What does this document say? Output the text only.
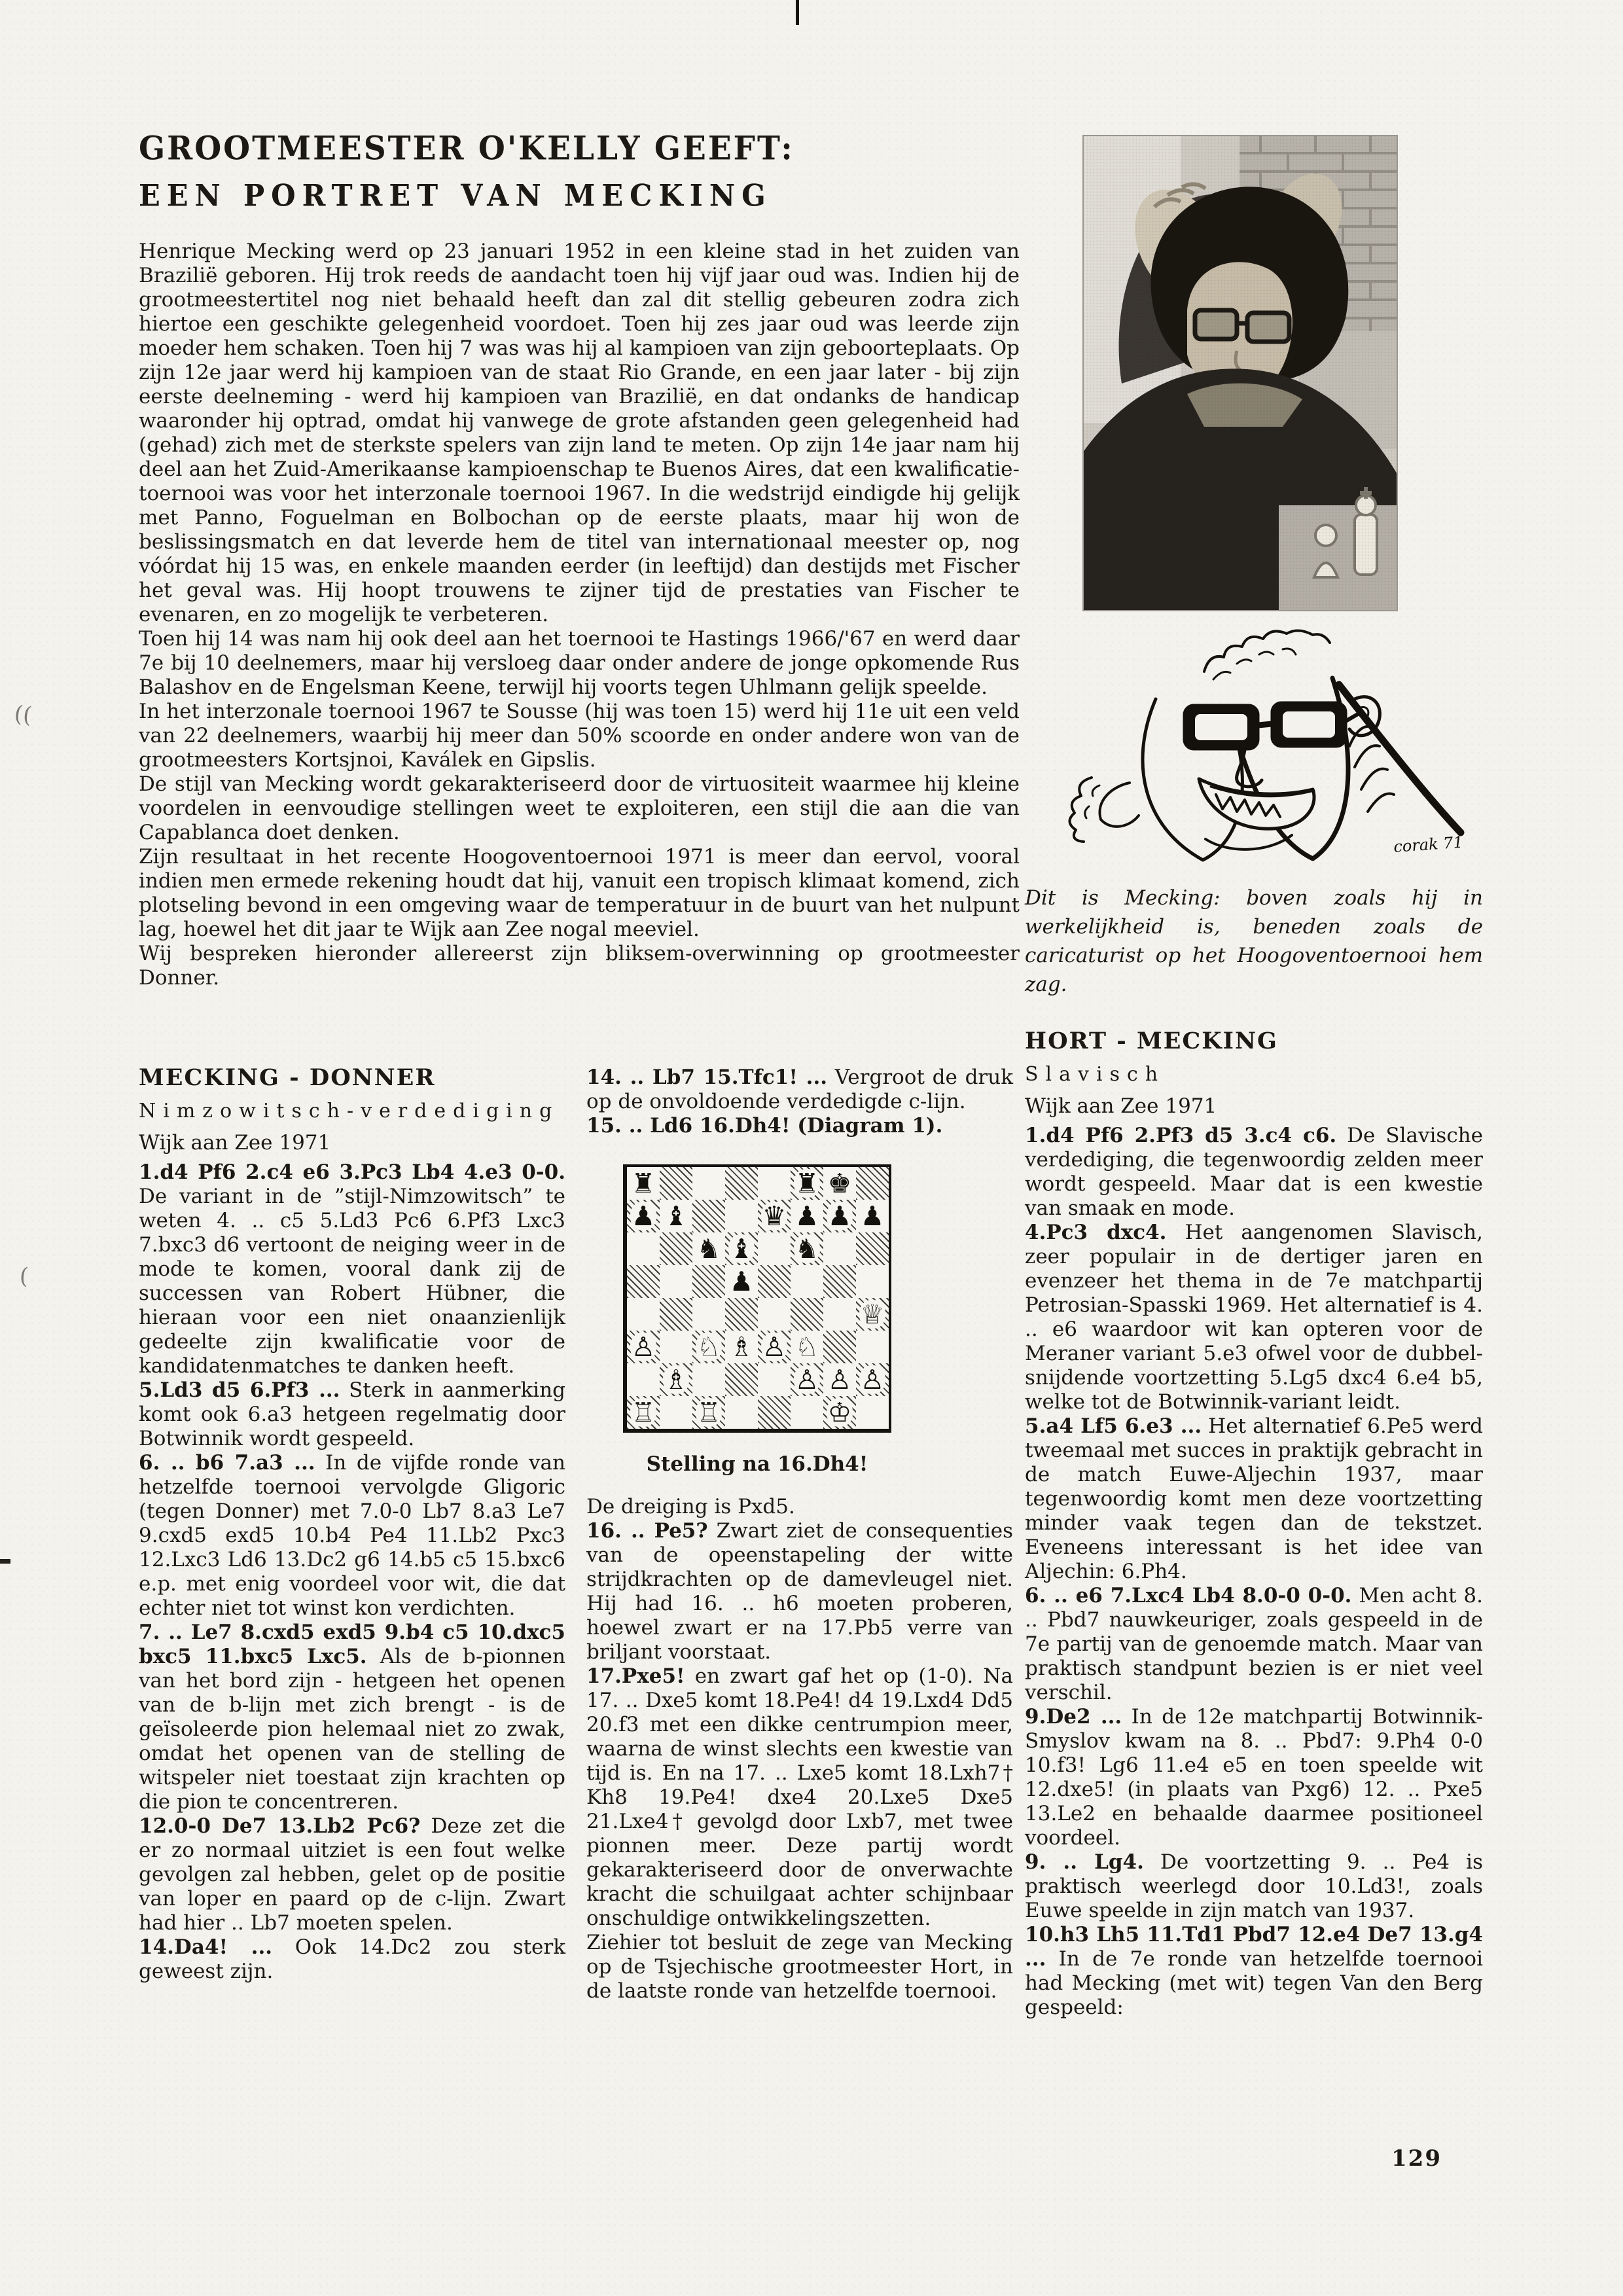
((
(
GROOTMEESTER O'KELLY GEEFT:
EEN PORTRET VAN MECKING

Henrique Mecking werd op 23 januari 1952 in een kleine stad in het zuiden van Brazilië geboren. Hij trok reeds de aandacht toen hij vijf jaar oud was. Indien hij de grootmeestertitel nog niet behaald heeft dan zal dit stellig gebeuren zodra zich hiertoe een geschikte gelegenheid voordoet. Toen hij zes jaar oud was leerde zijn moeder hem schaken. Toen hij 7 was was hij al kampioen van zijn geboorteplaats. Op zijn 12e jaar werd hij kampioen van de staat Rio Grande, en een jaar later - bij zijn eerste deelneming - werd hij kampioen van Brazilië, en dat ondanks de handicap waaronder hij optrad, omdat hij vanwege de grote afstanden geen gelegenheid had (gehad) zich met de sterkste spelers van zijn land te meten. Op zijn 14e jaar nam hij deel aan het Zuid-Amerikaanse kampioenschap te Buenos Aires, dat een kwalificatie-toernooi was voor het interzonale toernooi 1967. In die wedstrijd eindigde hij gelijk met Panno, Foguelman en Bolbochan op de eerste plaats, maar hij won de beslissingsmatch en dat leverde hem de titel van internationaal meester op, nog vóórdat hij 15 was, en enkele maanden eerder (in leeftijd) dan destijds met Fischer het geval was. Hij hoopt trouwens te zijner tijd de prestaties van Fischer te evenaren, en zo mogelijk te verbeteren.

Toen hij 14 was nam hij ook deel aan het toernooi te Hastings 1966/'67 en werd daar 7e bij 10 deelnemers, maar hij versloeg daar onder andere de jonge opkomende Rus Balashov en de Engelsman Keene, terwijl hij voorts tegen Uhlmann gelijk speelde.

In het interzonale toernooi 1967 te Sousse (hij was toen 15) werd hij 11e uit een veld van 22 deelnemers, waarbij hij meer dan 50% scoorde en onder andere won van de grootmeesters Kortsjnoi, Kaválek en Gipslis.

De stijl van Mecking wordt gekarakteriseerd door de virtuositeit waarmee hij kleine voordelen in eenvoudige stellingen weet te exploiteren, een stijl die aan die van Capablanca doet denken.

Zijn resultaat in het recente Hoogoventoernooi 1971 is meer dan eervol, vooral indien men ermede rekening houdt dat hij, vanuit een tropisch klimaat komend, zich plotseling bevond in een omgeving waar de temperatuur in de buurt van het nulpunt lag, hoewel het dit jaar te Wijk aan Zee nogal meeviel.

Wij bespreken hieronder allereerst zijn bliksem-overwinning op grootmeester Donner.

MECKING - DONNER
Nimzowitsch-verdediging
Wijk aan Zee 1971

1.d4 Pf6 2.c4 e6 3.Pc3 Lb4 4.e3 0-0. De variant in de ”stijl-Nimzowitsch” te weten 4. .. c5 5.Ld3 Pc6 6.Pf3 Lxc3 7.bxc3 d6 vertoont de neiging weer in de mode te komen, vooral dank zij de successen van Robert Hübner, die hieraan voor een niet onaanzienlijk gedeelte zijn kwalificatie voor de kandidatenmatches te danken heeft.

5.Ld3 d5 6.Pf3 ... Sterk in aanmerking komt ook 6.a3 hetgeen regelmatig door Botwinnik wordt gespeeld.

6. .. b6 7.a3 ... In de vijfde ronde van hetzelfde toernooi vervolgde Gligoric (tegen Donner) met 7.0-0 Lb7 8.a3 Le7 9.cxd5 exd5 10.b4 Pe4 11.Lb2 Pxc3 12.Lxc3 Ld6 13.Dc2 g6 14.b5 c5 15.bxc6 e.p. met enig voordeel voor wit, die dat echter niet tot winst kon verdichten.

7. .. Le7 8.cxd5 exd5 9.b4 c5 10.dxc5 bxc5 11.bxc5 Lxc5. Als de b-pionnen van het bord zijn - hetgeen het openen van de b-lijn met zich brengt - is de geïsoleerde pion helemaal niet zo zwak, omdat het openen van de stelling de witspeler niet toestaat zijn krachten op die pion te concentreren.

12.0-0 De7 13.Lb2 Pc6? Deze zet die er zo normaal uitziet is een fout welke gevolgen zal hebben, gelet op de positie van loper en paard op de c-lijn. Zwart had hier .. Lb7 moeten spelen.

14.Da4! ... Ook 14.Dc2 zou sterk geweest zijn.

14. .. Lb7 15.Tfc1! ... Vergroot de druk op de onvoldoende verdedigde c-lijn.

15. .. Ld6 16.Dh4! (Diagram 1).

♜	♜ ♚
♟ ♝	♛ ♟ ♟ ♟
♞ ♝ ♞
♟
♕
♙ ♘ ♗ ♙ ♘
♗	♙ ♙ ♙
♖ ♖	♔
Stelling na 16.Dh4!

De dreiging is Pxd5.

16. .. Pe5? Zwart ziet de consequenties van de opeenstapeling der witte strijdkrachten op de damevleugel niet. Hij had 16. .. h6 moeten proberen, hoewel zwart er na 17.Pb5 verre van briljant voorstaat.

17.Pxe5! en zwart gaf het op (1-0). Na 17. .. Dxe5 komt 18.Pe4! d4 19.Lxd4 Dd5 20.f3 met een dikke centrumpion meer, waarna de winst slechts een kwestie van tijd is. En na 17. .. Lxe5 komt 18.Lxh7† Kh8 19.Pe4! dxe4 20.Lxe5 Dxe5 21.Lxe4† gevolgd door Lxb7, met twee pionnen meer. Deze partij wordt gekarakteriseerd door de onverwachte kracht die schuilgaat achter schijnbaar onschuldige ontwikkelingszetten.

Ziehier tot besluit de zege van Mecking op de Tsjechische grootmeester Hort, in de laatste ronde van hetzelfde toernooi.

corak 71

Dit is Mecking: boven zoals hij in werkelijkheid is, beneden zoals de caricaturist op het Hoogoventoernooi hem zag.

HORT - MECKING
Slavisch
Wijk aan Zee 1971

1.d4 Pf6 2.Pf3 d5 3.c4 c6. De Slavische verdediging, die tegenwoordig zelden meer wordt gespeeld. Maar dat is een kwestie van smaak en mode.

4.Pc3 dxc4. Het aangenomen Slavisch, zeer populair in de dertiger jaren en evenzeer het thema in de 7e matchpartij Petrosian-Spasski 1969. Het alternatief is 4. .. e6 waardoor wit kan opteren voor de Meraner variant 5.e3 ofwel voor de dubbel-snijdende voortzetting 5.Lg5 dxc4 6.e4 b5, welke tot de Botwinnik-variant leidt.

5.a4 Lf5 6.e3 ... Het alternatief 6.Pe5 werd tweemaal met succes in praktijk gebracht in de match Euwe-Aljechin 1937, maar tegenwoordig komt men deze voortzetting minder vaak tegen dan de tekstzet. Eveneens interessant is het idee van Aljechin: 6.Ph4.

6. .. e6 7.Lxc4 Lb4 8.0-0 0-0. Men acht 8. .. Pbd7 nauwkeuriger, zoals gespeeld in de 7e partij van de genoemde match. Maar van praktisch standpunt bezien is er niet veel verschil.

9.De2 ... In de 12e matchpartij Botwinnik-Smyslov kwam na 8. .. Pbd7: 9.Ph4 0-0 10.f3! Lg6 11.e4 e5 en toen speelde wit 12.dxe5! (in plaats van Pxg6) 12. .. Pxe5 13.Le2 en behaalde daarmee positioneel voordeel.

9. .. Lg4. De voortzetting 9. .. Pe4 is praktisch weerlegd door 10.Ld3!, zoals Euwe speelde in zijn match van 1937.

10.h3 Lh5 11.Td1 Pbd7 12.e4 De7 13.g4 ... In de 7e ronde van hetzelfde toernooi had Mecking (met wit) tegen Van den Berg gespeeld:

129
